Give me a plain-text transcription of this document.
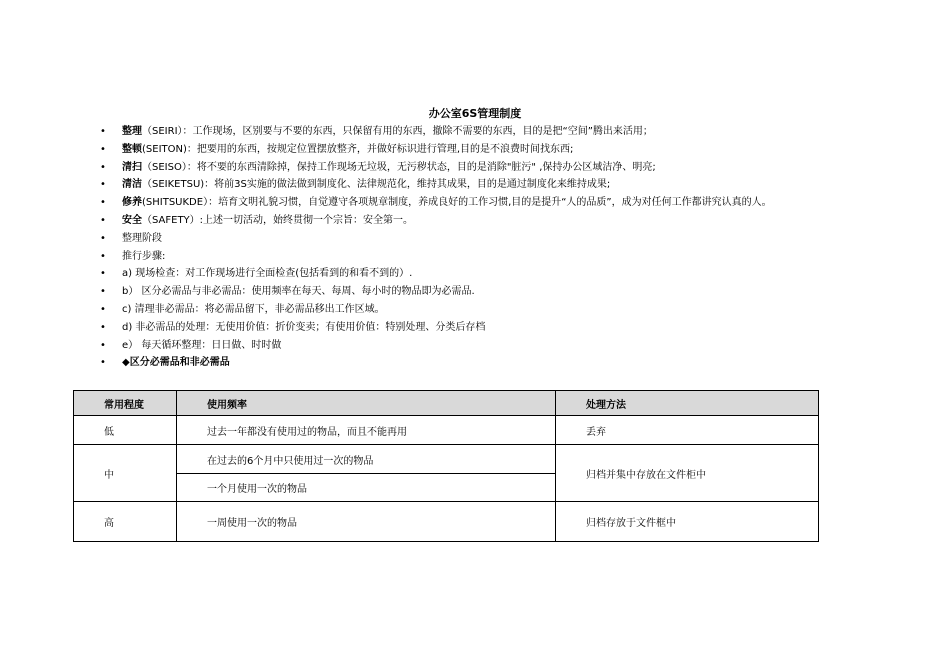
办公室6S管理制度
• 整理（SEIRI）：工作现场，区别要与不要的东西，只保留有用的东西，撤除不需要的东西，目的是把“空间”腾出来活用；
• 整顿(SEITON)：把要用的东西，按规定位置摆放整齐，并做好标识进行管理,目的是不浪费时间找东西;
• 清扫（SEISO）：将不要的东西清除掉，保持工作现场无垃圾，无污秽状态，目的是消除"脏污" ,保持办公区域洁净、明亮;
• 清洁（SEIKETSU)：将前3S实施的做法做到制度化、法律规范化，维持其成果，目的是通过制度化来维持成果;
• 修养(SHITSUKDE）：培育文明礼貌习惯，自觉遵守各项规章制度，养成良好的工作习惯,目的是提升“人的品质”，成为对任何工作都讲究认真的人。
• 安全（SAFETY）:上述一切活动，始终贯彻一个宗旨：安全第一。
• 整理阶段
• 推行步骤:
• a) 现场检查：对工作现场进行全面检查(包括看到的和看不到的）.
• b） 区分必需品与非必需品：使用频率在每天、每周、每小时的物品即为必需品.
• c) 清理非必需品：将必需品留下，非必需品移出工作区域。
• d) 非必需品的处理：无使用价值：折价变卖；有使用价值：特别处理、分类后存档
• e） 每天循环整理：日日做、时时做
• ◆区分必需品和非必需品
常用程度	使用频率	处理方法
低	过去一年都没有使用过的物品，而且不能再用	丢弃
中	在过去的6个月中只使用过一次的物品	归档并集中存放在文件柜中
	一个月使用一次的物品	
高	一周使用一次的物品	归档存放于文件框中
